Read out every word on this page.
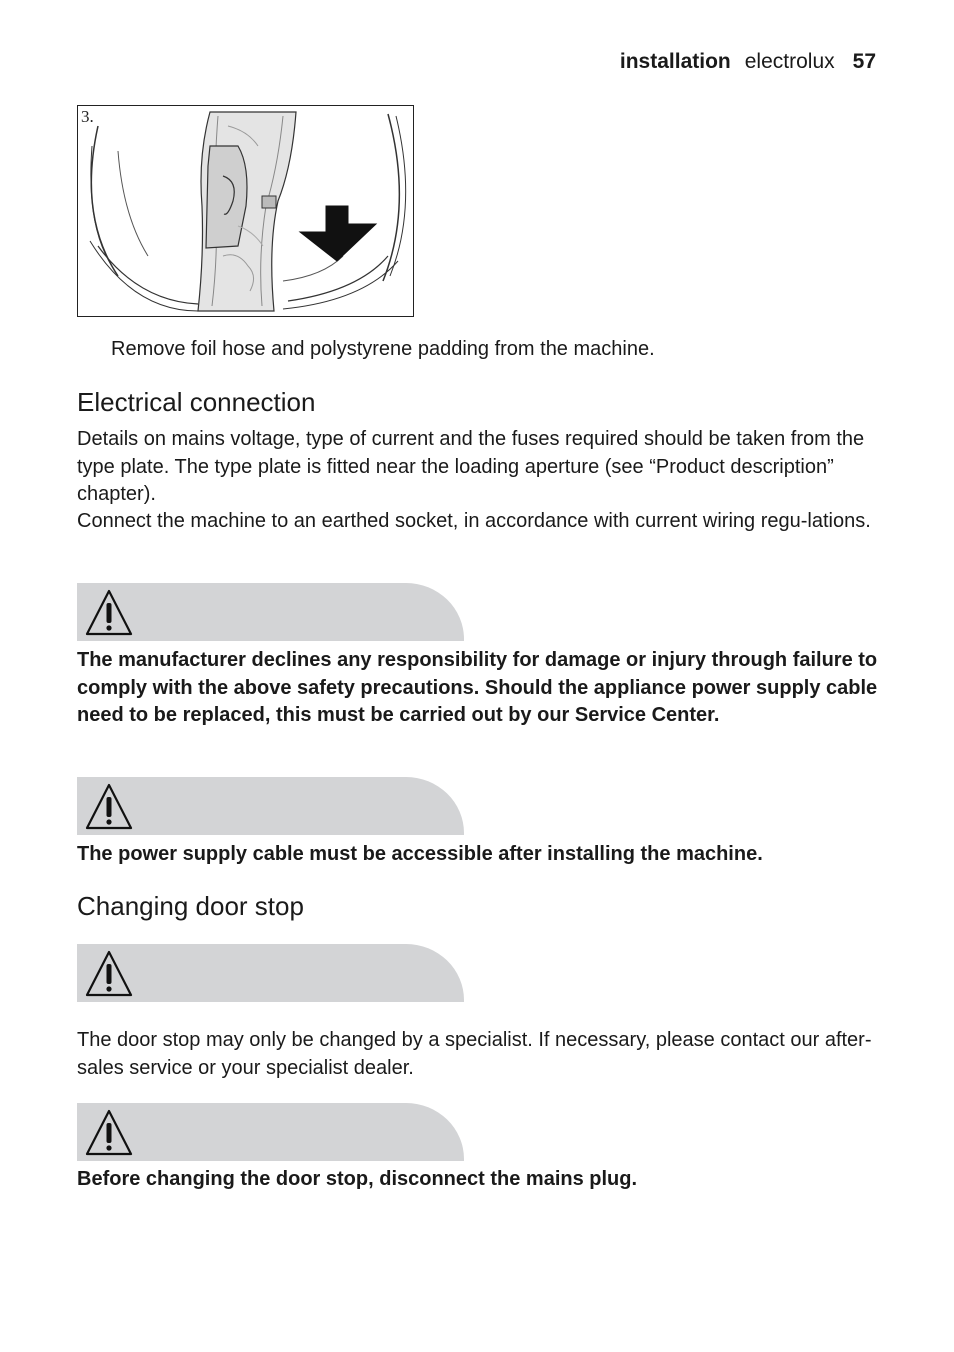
installation electrolux 57
3.
Remove foil hose and polystyrene padding from the machine.
Electrical connection

Details on mains voltage, type of current and the fuses required should be taken from the type plate. The type plate is fitted near the loading aperture (see “Product description” chapter).

Connect the machine to an earthed socket, in accordance with current wiring regu-lations.

The manufacturer declines any responsibility for damage or injury through failure to comply with the above safety precautions. Should the appliance power supply cable need to be replaced, this must be carried out by our Service Center.

The power supply cable must be accessible after installing the machine.

Changing door stop

The door stop may only be changed by a specialist. If necessary, please contact our after-sales service or your specialist dealer.

Before changing the door stop, disconnect the mains plug.
